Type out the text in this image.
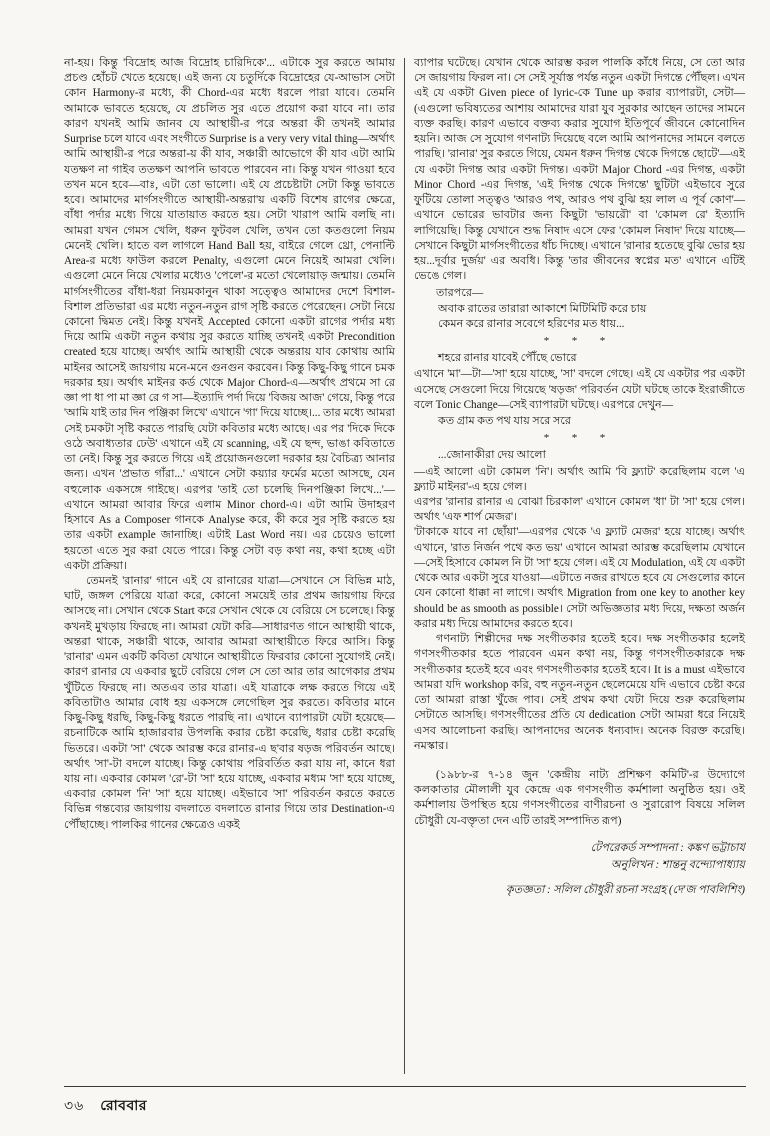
না-হয়। কিন্তু 'বিদ্রোহ আজ বিদ্রোহ চারিদিকে'... এটাকে সুর করতে আমায় প্রচণ্ড হোঁচট খেতে হয়েছে। এই জন্য যে চতুর্দিকে বিদ্রোহের যে-আভাস সেটা কোন Harmony-র মধ্যে, কী Chord-এর মধ্যে ধরলে পারা যাবে। তেমনি আমাকে ভাবতে হয়েছে, যে প্রচলিত সুর এতে প্রয়োগ করা যাবে না। তার কারণ যখনই আমি জানব যে আস্থায়ী-র পরে অন্তরা কী তখনই আমার Surprise চলে যাবে এবং সংগীতে Surprise is a very very vital thing—অর্থাৎ আমি আস্থায়ী-র পরে অন্তরা-য় কী যাব, সঞ্চারী আভোগে কী যাব এটা আমি যতক্ষণ না গাইব ততক্ষণ আপনি ভাবতে পারবেন না। কিন্তু যখন গাওয়া হবে তখন মনে হবে—বাঃ, এটা তো ভালো। এই যে প্রচেষ্টাটা সেটা কিন্তু ভাবতে হবে। আমাদের মার্গসংগীতে আস্থায়ী-অন্তরা'য় একটি বিশেষ রাগের ক্ষেত্রে, বাঁধা পর্দার মধ্যে গিয়ে যাতায়াত করতে হয়। সেটা খারাপ আমি বলছি না। আমরা যখন গেমস খেলি, ধরুন ফুটবল খেলি, তখন তো কতগুলো নিয়ম মেনেই খেলি। হাতে বল লাগলে Hand Ball হয়, বাইরে গেলে থ্রো, পেনাল্টি Area-র মধ্যে ফাউল করলে Penalty, এগুলো মেনে নিয়েই আমরা খেলি। এগুলো মেনে নিয়ে খেলার মধ্যেও 'পেলে'-র মতো খেলোয়াড় জন্মায়। তেমনি মার্গসংগীতের বাঁধা-ধরা নিয়মকানুন থাকা সত্ত্বেও আমাদের দেশে বিশাল-বিশাল প্রতিভারা এর মধ্যে নতুন-নতুন রাগ সৃষ্টি করতে পেরেছেন। সেটা নিয়ে কোনো দ্বিমত নেই। কিন্তু যখনই Accepted কোনো একটা রাগের পর্দার মধ্য দিয়ে আমি একটা নতুন কথায় সুর করতে যাচ্ছি তখনই একটা Precondition created হয়ে যাচ্ছে। অর্থাৎ আমি আস্থায়ী থেকে অন্তরায় যাব কোথায় আমি মাইনর আসেই জায়গায় মনে-মনে গুনগুন করবেন। কিন্তু কিছু-কিছু গানে চমক দরকার হয়। অর্থাৎ মাইনর কর্ড থেকে Major Chord-এ—অর্থাৎ প্রথমে সা রে জ্ঞা পা ধা পা মা জ্ঞা রে গ সা—ইত্যাদি পর্দা দিয়ে 'বিজয় আজ' গেয়ে, কিন্তু পরে 'আমি যাই তার দিন পঞ্জিকা লিখে' এখানে 'গা' দিয়ে যাচ্ছে।... তার মধ্যে আমরা সেই চমকটা সৃষ্টি করতে পারছি যেটা কবিতার মধ্যে আছে। এর পর 'দিকে দিকে ওঠে অবাধ্যতার ঢেউ' এখানে এই যে scanning, এই যে ছন্দ, ভাঙা কবিতাতে তা নেই। কিন্তু সুর করতে গিয়ে এই প্রয়োজনগুলো দরকার হয় বৈচিত্র্য আনার জন্য। এখন 'প্রভাত গাঁরা...' এখানে সেটা কয়্যার ফর্মের মতো আসছে, যেন বহুলোক একসঙ্গে গাইছে। এরপর 'তাই তো চলেছি দিনপঞ্জিকা লিখে...'—এখানে আমরা আবার ফিরে এলাম Minor chord-এ। এটা আমি উদাহরণ হিসাবে As a Composer গানকে Analyse করে, কী করে সুর সৃষ্টি করতে হয় তার একটা example জানাচ্ছি। এটাই Last Word নয়। এর চেয়েও ভালো হয়তো এতে সুর করা যেতে পারে। কিন্তু সেটা বড় কথা নয়, কথা হচ্ছে এটা একটা প্রক্রিয়া।
তেমনই 'রানার' গানে এই যে রানারের যাত্রা—সেখানে সে বিভিন্ন মাঠ, ঘাট, জঙ্গল পেরিয়ে যাত্রা করে, কোনো সময়েই তার প্রথম জায়গায় ফিরে আসছে না। সেখান থেকে Start করে সেখান থেকে যে বেরিয়ে সে চলেছে। কিন্তু কখনই মুখড়ায় ফিরছে না। আমরা যেটা করি—সাধারণত গানে আস্থায়ী থাকে, অন্তরা থাকে, সঞ্চারী থাকে, আবার আমরা আস্থায়ীতে ফিরে আসি। কিন্তু 'রানার' এমন একটি কবিতা যেখানে আস্থায়ীতে ফিরবার কোনো সুযোগই নেই। কারণ রানার যে একবার ছুটে বেরিয়ে গেল সে তো আর তার আগেকার প্রথম খুঁটিতে ফিরছে না। অতএব তার যাত্রা। এই যাত্রাকে লক্ষ করতে গিয়ে এই কবিতাটাও আমার বোধ হয় একসঙ্গে লেগেছিল সুর করতে। কবিতার মানে কিছু-কিছু ধরছি, কিছু-কিছু ধরতে পারছি না। এখানে ব্যাপারটা যেটা হয়েছে—রচনাটিকে আমি হাজারবার উপলব্ধি করার চেষ্টা করেছি, ধরার চেষ্টা করেছি ভিতরে। একটা 'সা' থেকে আরম্ভ করে রানার-এ ছ'বার ষড়জ পরিবর্তন আছে। অর্থাৎ 'সা'-টা বদলে যাচ্ছে। কিন্তু কোথায় পরিবর্তিত করা যায় না, কানে ধরা যায় না। একবার কোমল 'রে'-টা 'সা' হয়ে যাচ্ছে, একবার মধ্যম 'সা' হয়ে যাচ্ছে, একবার কোমল 'নি' 'সা' হয়ে যাচ্ছে। এইভাবে 'সা' পরিবর্তন করতে করতে বিভিন্ন গন্তব্যের জায়গায় বদলাতে বদলাতে রানার গিয়ে তার Destination-এ পৌঁছাচ্ছে। পালকির গানের ক্ষেত্রেও একই
ব্যাপার ঘটেছে। যেখান থেকে আরম্ভ করল পালকি কাঁধে নিয়ে, সে তো আর সে জায়গায় ফিরল না। সে সেই সূর্যাস্ত পর্যন্ত নতুন একটা দিগন্তে পৌঁছল। এখন এই যে একটা Given piece of lyric-কে Tune up করার ব্যাপারটা, সেটা—(এগুলো ভবিষ্যতের আশায় আমাদের যারা যুব সুরকার আছেন তাদের সামনে ব্যক্ত করছি। কারণ এভাবে বক্তব্য করার সুযোগ ইতিপূর্বে জীবনে কোনোদিন হয়নি। আজ সে সুযোগ গণনাট্য দিয়েছে বলে আমি আপনাদের সামনে বলতে পারছি। 'রানার' সুর করতে গিয়ে, যেমন ধরুন 'দিগন্ত থেকে দিগন্তে ছোটে'—এই যে একটা দিগন্ত আর একটা দিগন্ত। একটা Major Chord -এর দিগন্ত, একটা Minor Chord -এর দিগন্ত, 'এই দিগন্ত থেকে দিগন্তে' ছুটিটা এইভাবে সুরে ফুটিয়ে তোলা সত্ত্বও 'আরও পথ, আরও পথ বুঝি হয় লাল এ পূর্ব কোণ'—এখানে ভোরের ভাবটার জন্য কিছুটা 'ভায়রৌ' বা 'কোমল রে' ইত্যাদি লাগিয়েছি। কিন্তু যেখানে শুদ্ধ নিষাদ এসে ফের 'কোমল নিষাদ' দিয়ে যাচ্ছে—সেখানে কিছুটা মার্গসংগীতের ধাঁচ দিচ্ছে। এখানে 'রানার হতেছে বুঝি ভোর হয় হয়...দূর্বার দুর্জয়' এর অবধি। কিন্তু 'তার জীবনের স্বপ্নের মত' এখানে এটিই ভেঙে গেল।
তারপরে—
অবাক রাতের তারারা আকাশে মিটিমিটি করে চায়
কেমন করে রানার সবেগে হরিণের মত ধায়...
* * *
শহরে রানার যাবেই পৌঁছে ভোরে
এখানে 'মা'—টা—'সা' হয়ে যাচ্ছে, 'সা' বদলে গেছে। এই যে একটার পর একটা এসেছে সেগুলো দিয়ে গিয়েছে 'ষড়জ' পরিবর্তন যেটা ঘটছে তাকে ইংরাজীতে বলে Tonic Change—সেই ব্যাপারটা ঘটছে। এরপরে দেখুন—
কত গ্রাম কত পথ যায় সরে সরে
* * *
...জোনাকীরা দেয় আলো
—এই আলো এটা কোমল 'নি'। অর্থাৎ আমি 'বি ফ্ল্যাট' করেছিলাম বলে 'এ ফ্ল্যাট মাইনর'-এ হয়ে গেল।
এরপর 'রানার রানার এ বোঝা চিরকাল' এখানে কোমল 'ধা' টা 'সা' হয়ে গেল। অর্থাৎ 'এফ শার্প মেজর'।
'টাকাকে যাবে না ছোঁয়া'—এরপর থেকে 'এ ফ্ল্যাট মেজর' হয়ে যাচ্ছে। অর্থাৎ এখানে, 'রাত নির্জন পথে কত ভয়' এখানে আমরা আরম্ভ করেছিলাম যেখানে—সেই হিসাবে কোমল নি টা 'সা' হয়ে গেল। এই যে Modulation, এই যে একটা থেকে আর একটা সুরে যাওয়া—এটাতে নজর রাখতে হবে যে সেগুলোর কানে যেন কোনো ধাক্কা না লাগে। অর্থাৎ Migration from one key to another key should be as smooth as possible। সেটা অভিজ্ঞতার মধ্য দিয়ে, দক্ষতা অর্জন করার মধ্য দিয়ে আমাদের করতে হবে।
গণনাট্য শিল্পীদের দক্ষ সংগীতকার হতেই হবে। দক্ষ সংগীতকার হলেই গণসংগীতকার হতে পারবেন এমন কথা নয়, কিন্তু গণসংগীতকারকে দক্ষ সংগীতকার হতেই হবে এবং গণসংগীতকার হতেই হবে। It is a must এইভাবে আমরা যদি workshop করি, বহু নতুন-নতুন ছেলেমেয়ে যদি এভাবে চেষ্টা করে তো আমরা রাস্তা খুঁজে পাব। সেই প্রথম কথা যেটা দিয়ে শুরু করেছিলাম সেটাতে আসছি। গণসংগীতের প্রতি যে dedication সেটা আমরা ধরে নিয়েই এসব আলোচনা করছি। আপনাদের অনেক ধন্যবাদ। অনেক বিরক্ত করেছি। নমস্কার।
(১৯৮৮-র ৭-১৪ জুন 'কেন্দ্রীয় নাট্য প্রশিক্ষণ কমিটি'-র উদ্যোগে কলকাতার মৌলালী যুব কেন্দ্রে এক গণসংগীত কর্মশালা অনুষ্ঠিত হয়। ওই কর্মশালায় উপস্থিত হয়ে গণসংগীতের বাণীরচনা ও সুরারোপ বিষয়ে সলিল চৌধুরী যে-বক্তৃতা দেন এটি তারই সম্পাদিত রূপ)
টেপরেকর্ড সম্পাদনা : কঙ্কণ ভট্টাচার্য
অনুলিখন : শান্তনু বন্দ্যোপাধ্যায়
কৃতজ্ঞতা : সলিল চৌধুরী রচনা সংগ্রহ (দে'জ পাবলিশিং)
৩৬ রোববার
